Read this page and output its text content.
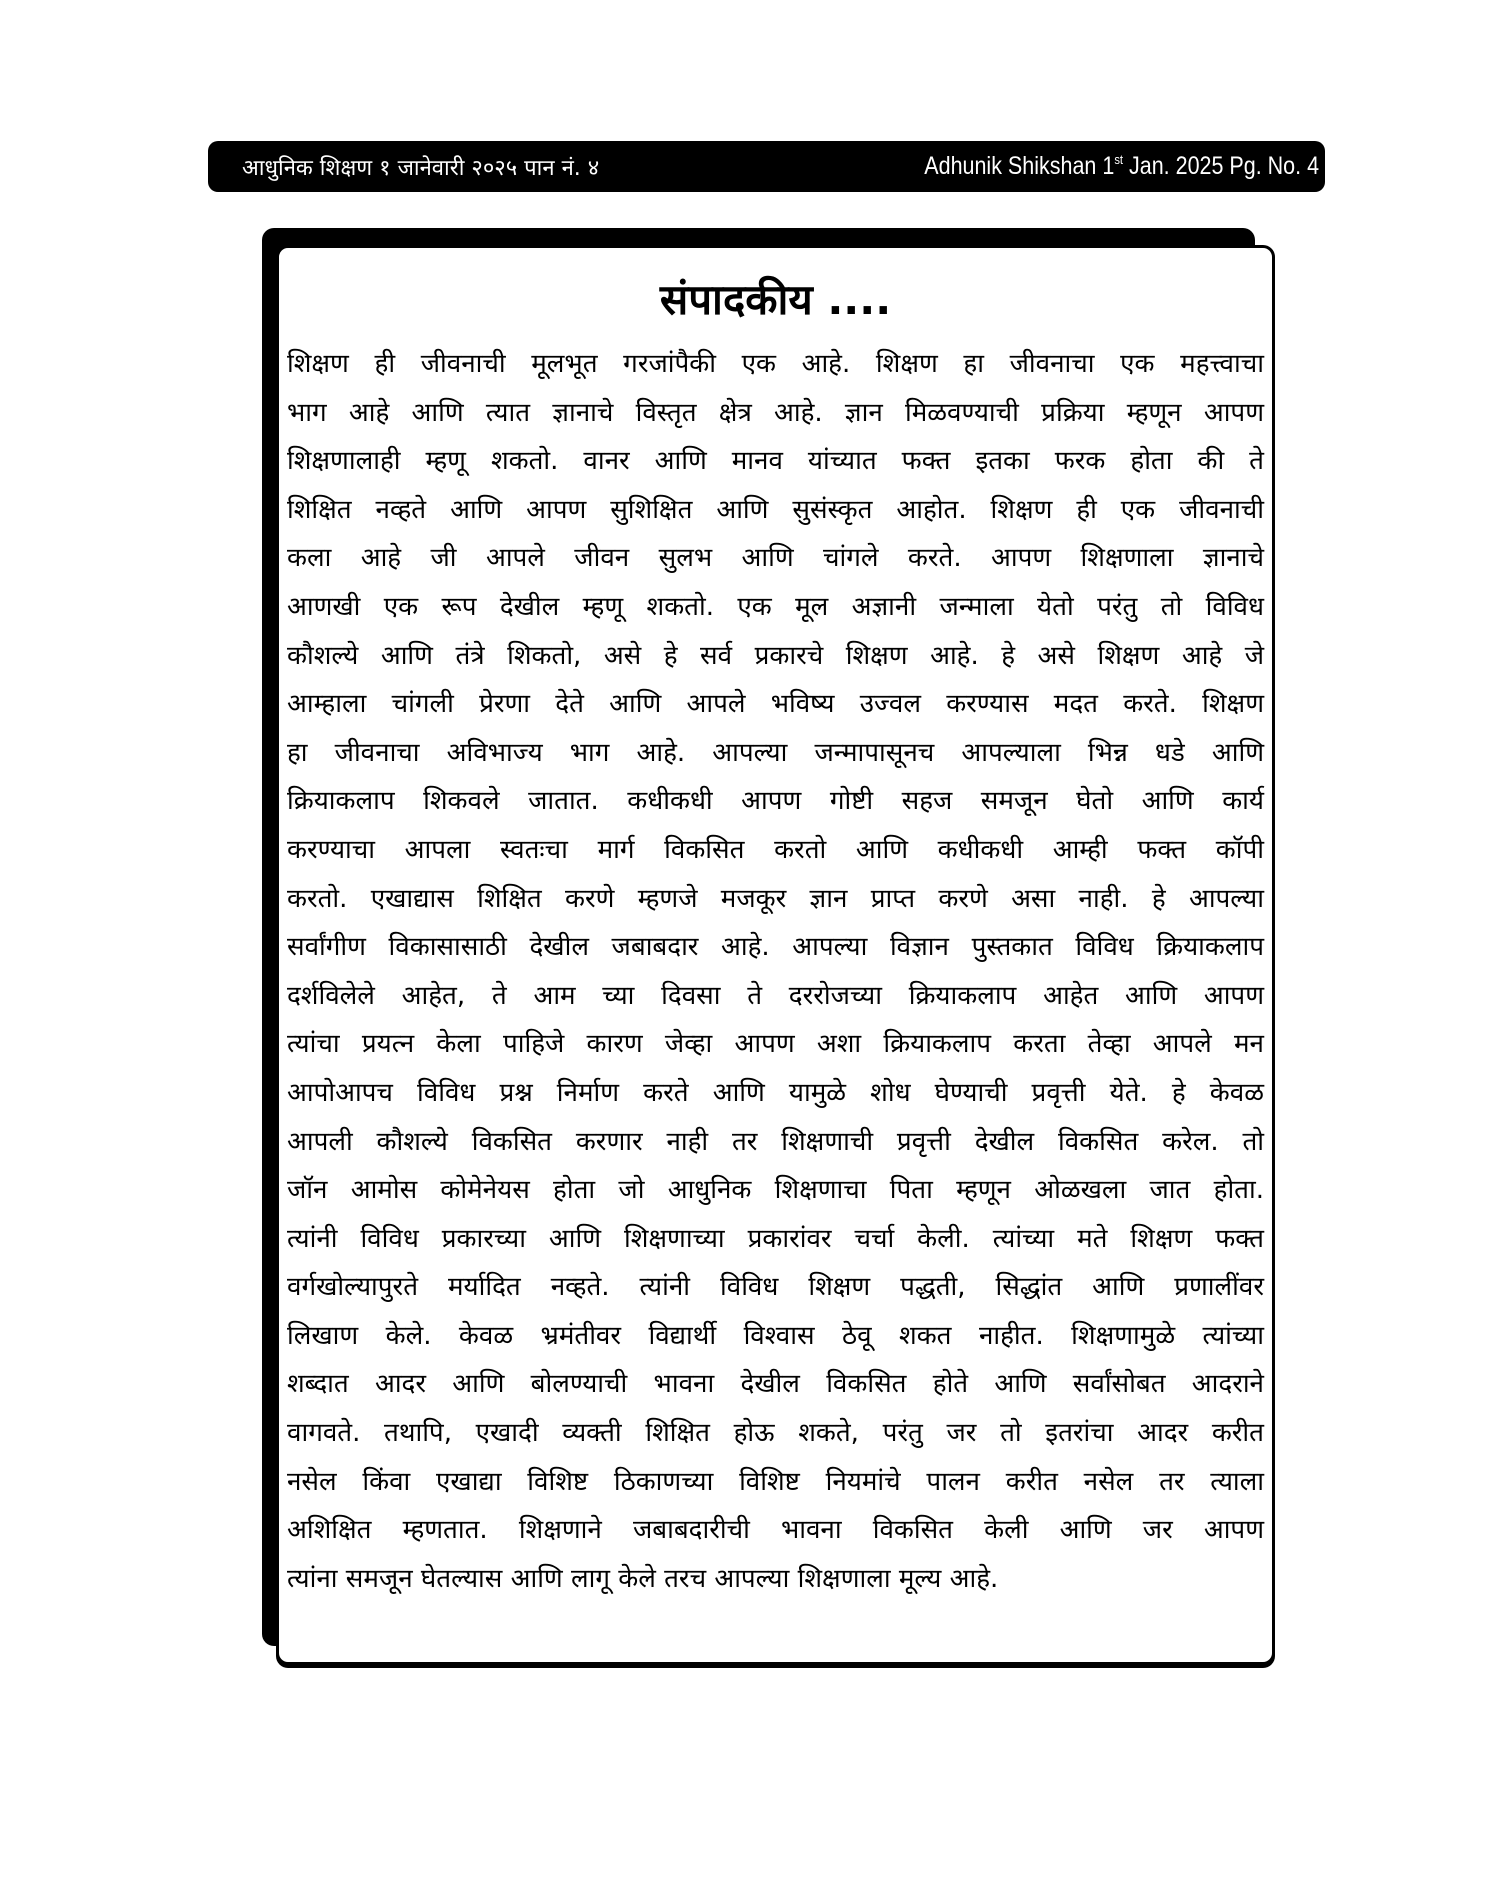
आधुनिक शिक्षण १ जानेवारी २०२५ पान नं. ४	Adhunik Shikshan 1st Jan. 2025 Pg. No. 4
संपादकीय ....
शिक्षण ही जीवनाची मूलभूत गरजांपैकी एक आहे. शिक्षण हा जीवनाचा एक महत्त्वाचा
भाग आहे आणि त्यात ज्ञानाचे विस्तृत क्षेत्र आहे. ज्ञान मिळवण्याची प्रक्रिया म्हणून आपण
शिक्षणालाही म्हणू शकतो. वानर आणि मानव यांच्यात फक्त इतका फरक होता की ते
शिक्षित नव्हते आणि आपण सुशिक्षित आणि सुसंस्कृत आहोत. शिक्षण ही एक जीवनाची
कला आहे जी आपले जीवन सुलभ आणि चांगले करते. आपण शिक्षणाला ज्ञानाचे
आणखी एक रूप देखील म्हणू शकतो. एक मूल अज्ञानी जन्माला येतो परंतु तो विविध
कौशल्ये आणि तंत्रे शिकतो, असे हे सर्व प्रकारचे शिक्षण आहे. हे असे शिक्षण आहे जे
आम्हाला चांगली प्रेरणा देते आणि आपले भविष्य उज्वल करण्यास मदत करते. शिक्षण
हा जीवनाचा अविभाज्य भाग आहे. आपल्या जन्मापासूनच आपल्याला भिन्न धडे आणि
क्रियाकलाप शिकवले जातात. कधीकधी आपण गोष्टी सहज समजून घेतो आणि कार्य
करण्याचा आपला स्वतःचा मार्ग विकसित करतो आणि कधीकधी आम्ही फक्त कॉपी
करतो. एखाद्यास शिक्षित करणे म्हणजे मजकूर ज्ञान प्राप्त करणे असा नाही. हे आपल्या
सर्वांगीण विकासासाठी देखील जबाबदार आहे. आपल्या विज्ञान पुस्तकात विविध क्रियाकलाप
दर्शविलेले आहेत, ते आम च्या दिवसा ते दररोजच्या क्रियाकलाप आहेत आणि आपण
त्यांचा प्रयत्न केला पाहिजे कारण जेव्हा आपण अशा क्रियाकलाप करता तेव्हा आपले मन
आपोआपच विविध प्रश्न निर्माण करते आणि यामुळे शोध घेण्याची प्रवृत्ती येते. हे केवळ
आपली कौशल्ये विकसित करणार नाही तर शिक्षणाची प्रवृत्ती देखील विकसित करेल. तो
जॉन आमोस कोमेनेयस होता जो आधुनिक शिक्षणाचा पिता म्हणून ओळखला जात होता.
त्यांनी विविध प्रकारच्या आणि शिक्षणाच्या प्रकारांवर चर्चा केली. त्यांच्या मते शिक्षण फक्त
वर्गखोल्यापुरते मर्यादित नव्हते. त्यांनी विविध शिक्षण पद्धती, सिद्धांत आणि प्रणालींवर
लिखाण केले. केवळ भ्रमंतीवर विद्यार्थी विश्वास ठेवू शकत नाहीत. शिक्षणामुळे त्यांच्या
शब्दात आदर आणि बोलण्याची भावना देखील विकसित होते आणि सर्वांसोबत आदराने
वागवते. तथापि, एखादी व्यक्ती शिक्षित होऊ शकते, परंतु जर तो इतरांचा आदर करीत
नसेल किंवा एखाद्या विशिष्ट ठिकाणच्या विशिष्ट नियमांचे पालन करीत नसेल तर त्याला
अशिक्षित म्हणतात. शिक्षणाने जबाबदारीची भावना विकसित केली आणि जर आपण
त्यांना समजून घेतल्यास आणि लागू केले तरच आपल्या शिक्षणाला मूल्य आहे.
